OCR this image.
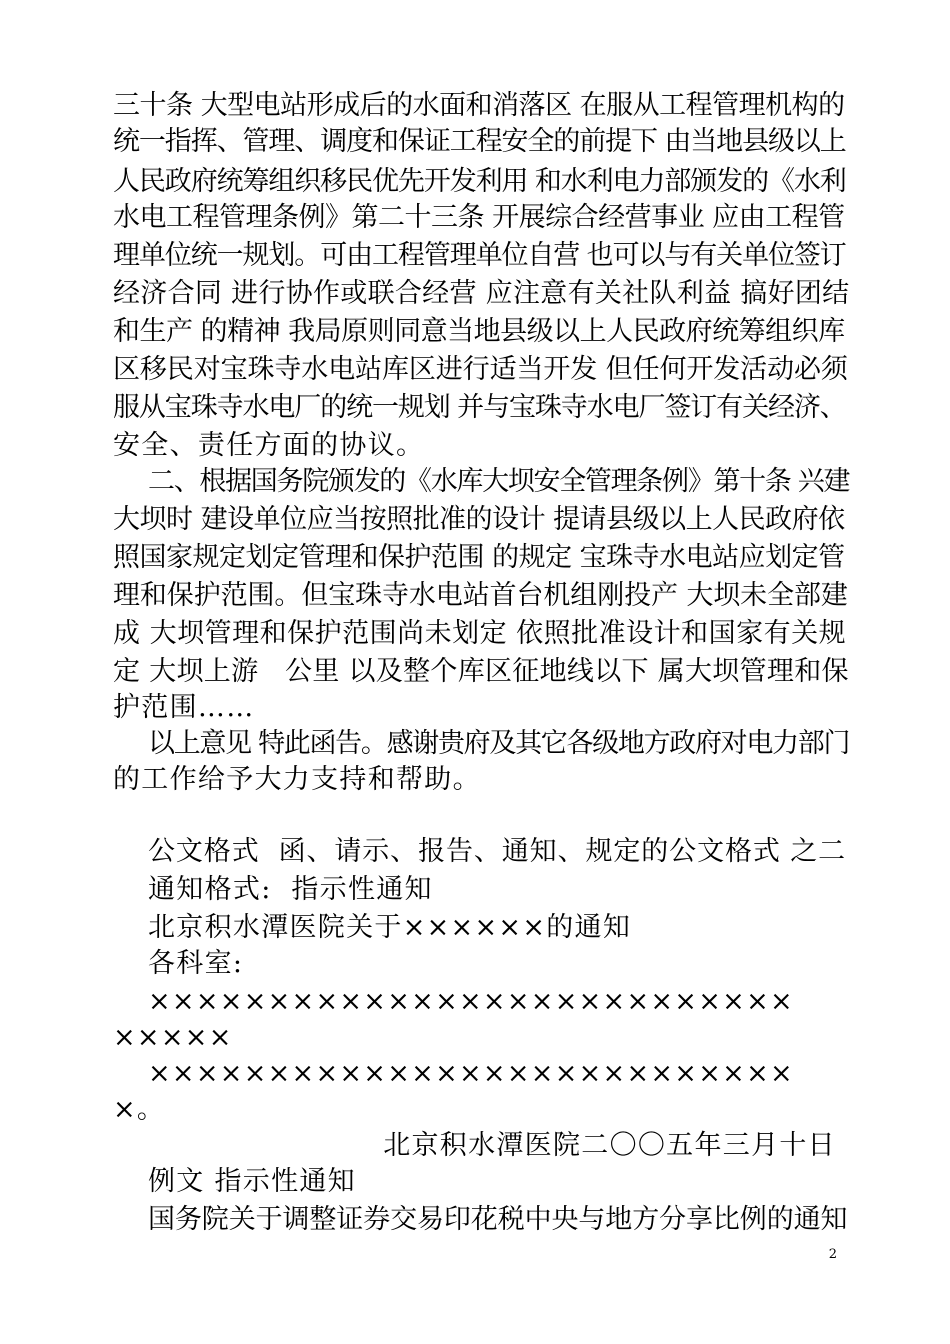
三十条 大型电站形成后的水面和消落区 在服从工程管理机构的
统一指挥、管理、调度和保证工程安全的前提下 由当地县级以上
人民政府统筹组织移民优先开发利用 和水利电力部颁发的《水利
水电工程管理条例》第二十三条 开展综合经营事业 应由工程管
理单位统一规划。可由工程管理单位自营 也可以与有关单位签订
经济合同 进行协作或联合经营 应注意有关社队利益 搞好团结
和生产 的精神 我局原则同意当地县级以上人民政府统筹组织库
区移民对宝珠寺水电站库区进行适当开发 但任何开发活动必须
服从宝珠寺水电厂的统一规划 并与宝珠寺水电厂签订有关经济、
安全、责任方面的协议。
二、根据国务院颁发的《水库大坝安全管理条例》第十条 兴建
大坝时 建设单位应当按照批准的设计 提请县级以上人民政府依
照国家规定划定管理和保护范围 的规定 宝珠寺水电站应划定管
理和保护范围。但宝珠寺水电站首台机组刚投产 大坝未全部建
成 大坝管理和保护范围尚未划定 依照批准设计和国家有关规
定 大坝上游   公里 以及整个库区征地线以下 属大坝管理和保
护范围……
以上意见 特此函告。感谢贵府及其它各级地方政府对电力部门
的工作给予大力支持和帮助。
公文格式  函、请示、报告、通知、规定的公文格式 之二
通知格式:  指示性通知
北京积水潭医院关于××××××的通知
各科室:
×××××××××××××××××××××××××××
×××××
×××××××××××××××××××××××××××
×。
北京积水潭医院二〇〇五年三月十日
例文 指示性通知
国务院关于调整证券交易印花税中央与地方分享比例的通知
2
